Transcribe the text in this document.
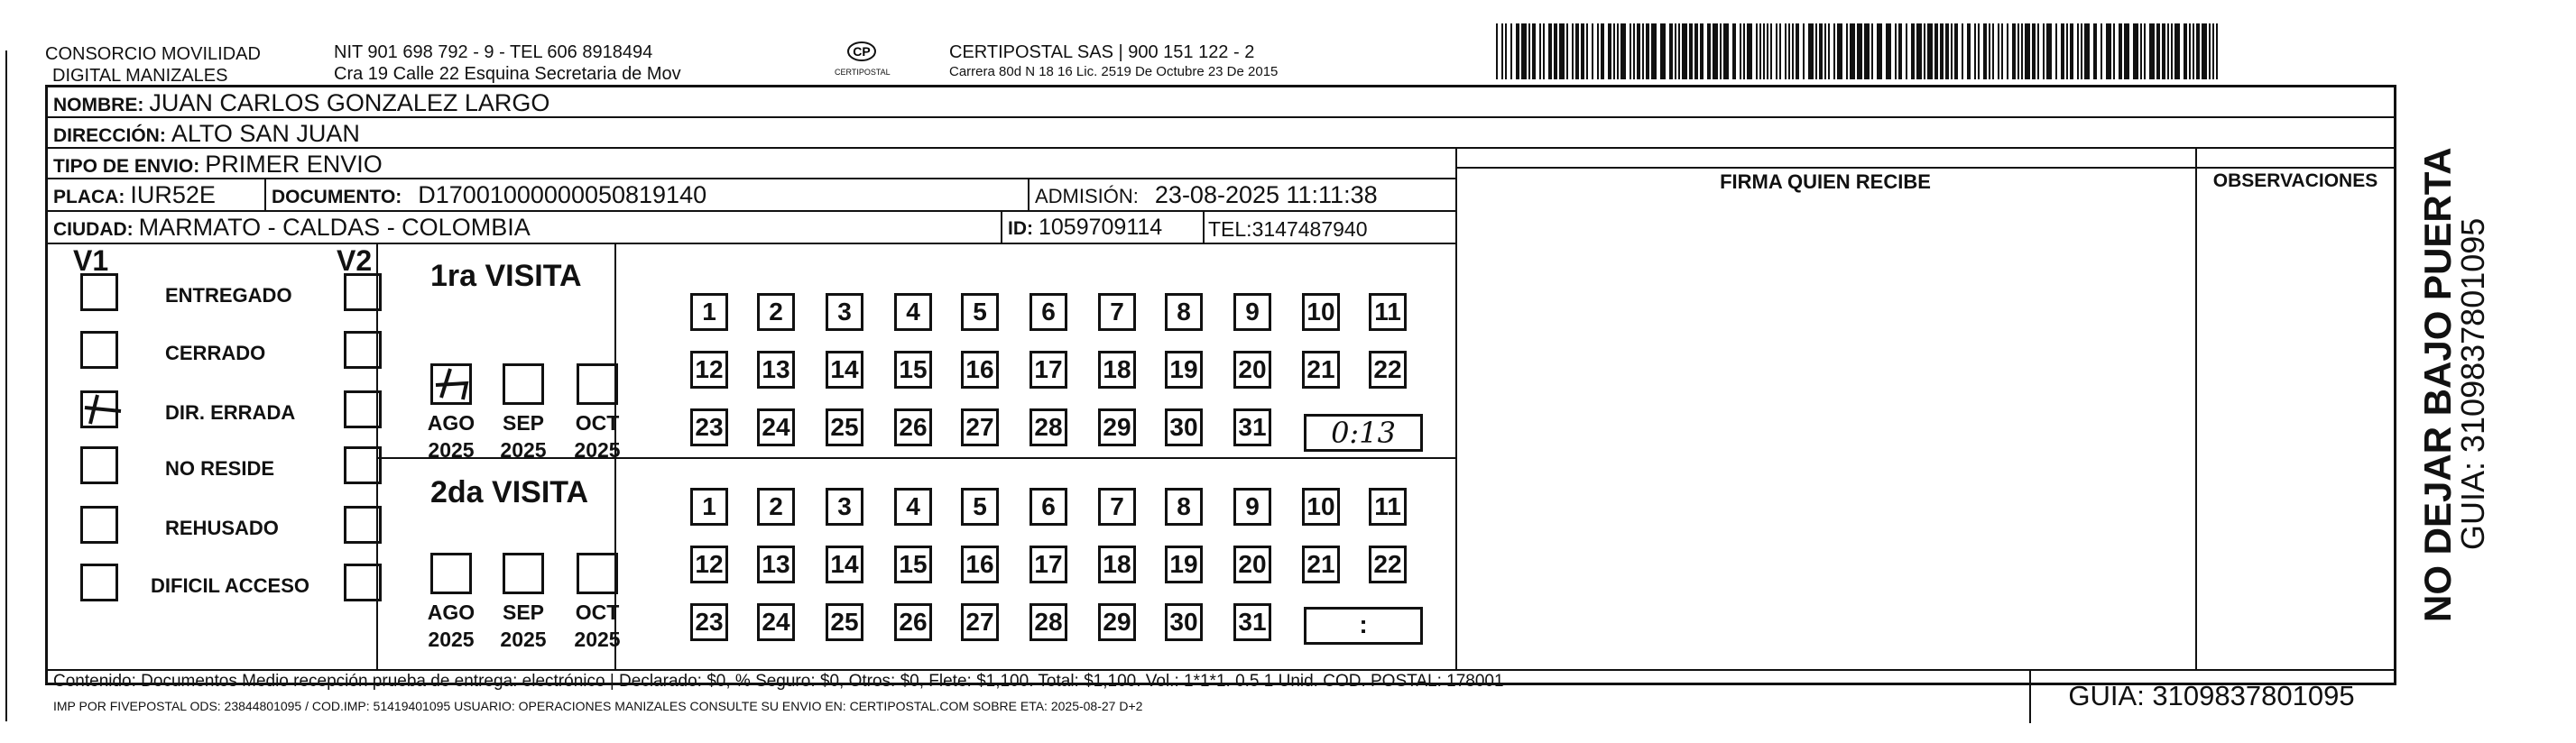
CONSORCIO MOVILIDAD
DIGITAL MANIZALES
NIT 901 698 792 - 9 - TEL 606 8918494
Cra 19 Calle 22 Esquina Secretaria de Mov
CP
CERTIPOSTAL
CERTIPOSTAL SAS | 900 151 122 - 2
Carrera 80d N 18 16 Lic. 2519 De Octubre 23 De 2015
NOMBRE: JUAN CARLOS GONZALEZ LARGO
DIRECCIÓN: ALTO SAN JUAN
TIPO DE ENVIO: PRIMER ENVIO
PLACA: IUR52E	DOCUMENTO: D17001000000050819140	ADMISIÓN: 23-08-2025 11:11:38
CIUDAD: MARMATO - CALDAS - COLOMBIA	ID: 1059709114 TEL:3147487940
FIRMA QUIEN RECIBE	OBSERVACIONES
V1	V2
ENTREGADO
CERRADO
DIR. ERRADA
NO RESIDE
REHUSADO
DIFICIL ACCESO
1ra VISITA
AGO
2025
SEP
2025
OCT
2025
2da VISITA
AGO
2025
SEP
2025
OCT
2025
1	2	3	4	5	6	7	8	9	10 11
12 13 14 15 16 17 18 19 20 21 22
23 24 25 26 27 28 29 30 31
1	2	3	4	5	6	7	8	9	10 11
12 13 14 15 16 17 18 19 20 21 22
23 24 25 26 27 28 29 30 31
0:13
:
Contenido: Documentos Medio recepción prueba de entrega: electrónico | Declarado: $0, % Seguro: $0, Otros: $0, Flete: $1,100. Total: $1,100. Vol.: 1*1*1. 0.5 1 Unid. COD. POSTAL: 178001
IMP POR FIVEPOSTAL ODS: 23844801095 / COD.IMP: 51419401095 USUARIO: OPERACIONES MANIZALES CONSULTE SU ENVIO EN: CERTIPOSTAL.COM SOBRE ETA: 2025-08-27 D+2	GUIA: 3109837801095
NO DEJAR BAJO PUERTA
GUIA: 3109837801095
